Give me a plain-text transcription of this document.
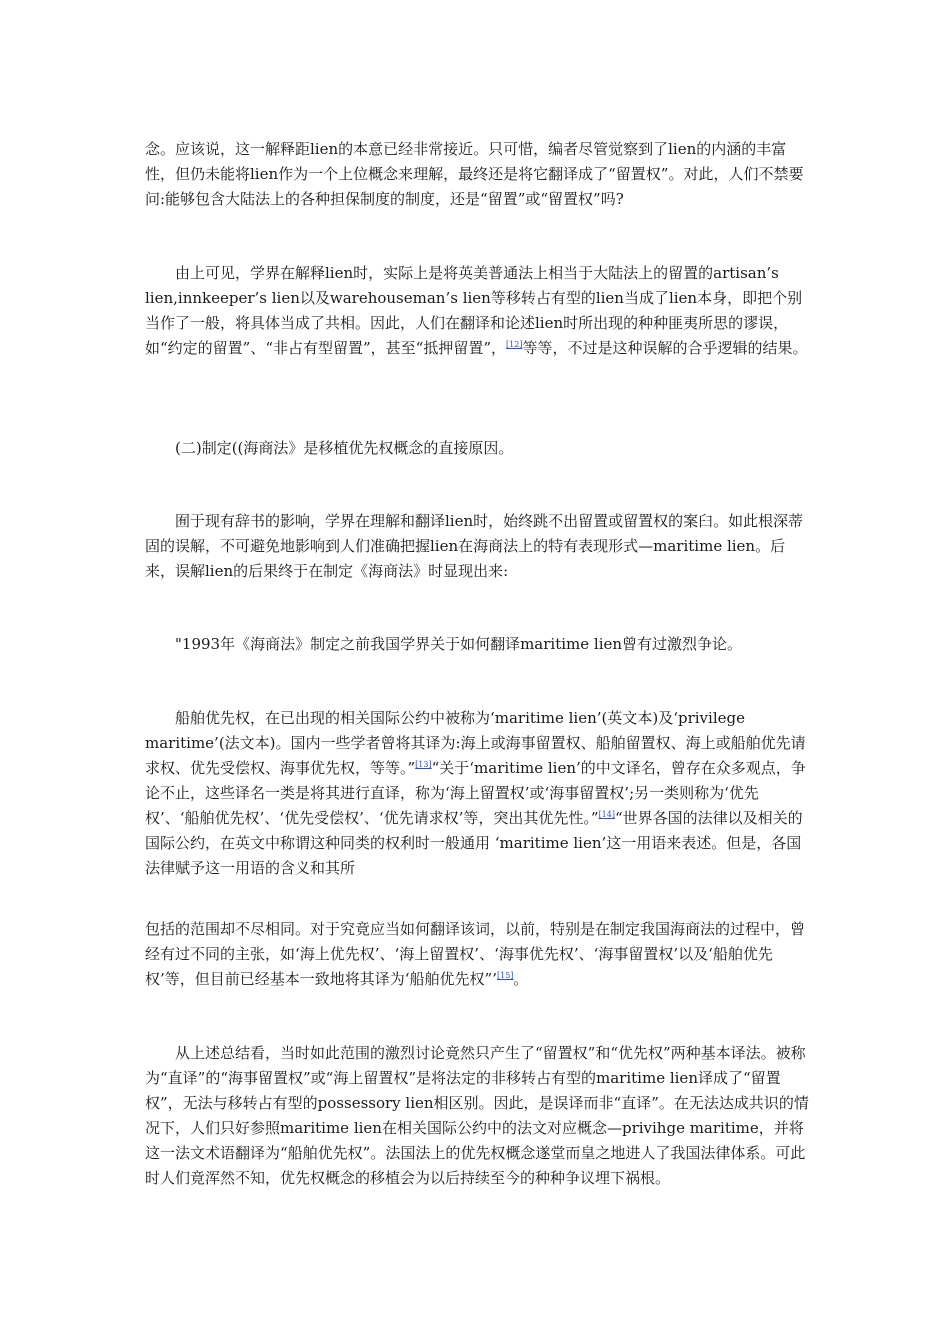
念。应该说，这一解释距lien的本意已经非常接近。只可惜，编者尽管觉察到了lien的内涵的丰富性，但仍未能将lien作为一个上位概念来理解，最终还是将它翻译成了“留置权”。对此，人们不禁要问:能够包含大陆法上的各种担保制度的制度，还是“留置”或“留置权”吗?

　　由上可见，学界在解释lien时，实际上是将英美普通法上相当于大陆法上的留置的artisan’s lien,innkeeper’s lien以及warehouseman’s lien等移转占有型的lien当成了lien本身，即把个别当作了一般，将具体当成了共相。因此，人们在翻译和论述lien时所出现的种种匪夷所思的谬误，如“约定的留置”、“非占有型留置”，甚至“抵押留置”，[12]等等，不过是这种误解的合乎逻辑的结果。

　　(二)制定((海商法》是移植优先权概念的直接原因。

　　囿于现有辞书的影响，学界在理解和翻译lien时，始终跳不出留置或留置权的案臼。如此根深蒂固的误解，不可避免地影响到人们准确把握lien在海商法上的特有表现形式—maritime lien。后来，误解lien的后果终于在制定《海商法》时显现出来:

　　"1993年《海商法》制定之前我国学界关于如何翻译maritime lien曾有过激烈争论。

　　船舶优先权，在已出现的相关国际公约中被称为‘maritime lien’(英文本)及‘privilege maritime’(法文本)。国内一些学者曾将其译为:海上或海事留置权、船舶留置权、海上或船舶优先请求权、优先受偿权、海事优先权，等等。”[13]“关于‘maritime lien’的中文译名，曾存在众多观点，争论不止，这些译名一类是将其进行直译，称为‘海上留置权’或‘海事留置权’;另一类则称为‘优先权’、‘船舶优先权’、‘优先受偿权’、‘优先请求权’等，突出其优先性。”[14]“世界各国的法律以及相关的国际公约，在英文中称谓这种同类的权利时一般通用 ‘maritime lien’这一用语来表述。但是，各国法律赋予这一用语的含义和其所

包括的范围却不尽相同。对于究竟应当如何翻译该词，以前，特别是在制定我国海商法的过程中，曾经有过不同的主张，如‘海上优先权’、‘海上留置权’、‘海事优先权’、‘海事留置权’以及‘船舶优先权’等，但目前已经基本一致地将其译为‘船舶优先权”’[15]。

　　从上述总结看，当时如此范围的激烈讨论竟然只产生了“留置权”和“优先权”两种基本译法。被称为“直译”的“海事留置权”或“海上留置权”是将法定的非移转占有型的maritime lien译成了“留置权”，无法与移转占有型的possessory lien相区别。因此，是误译而非“直译”。在无法达成共识的情况下，人们只好参照maritime lien在相关国际公约中的法文对应概念—privihge maritime，并将这一法文术语翻译为“船舶优先权”。法国法上的优先权概念遂堂而皇之地进人了我国法律体系。可此时人们竟浑然不知，优先权概念的移植会为以后持续至今的种种争议埋下祸根。
